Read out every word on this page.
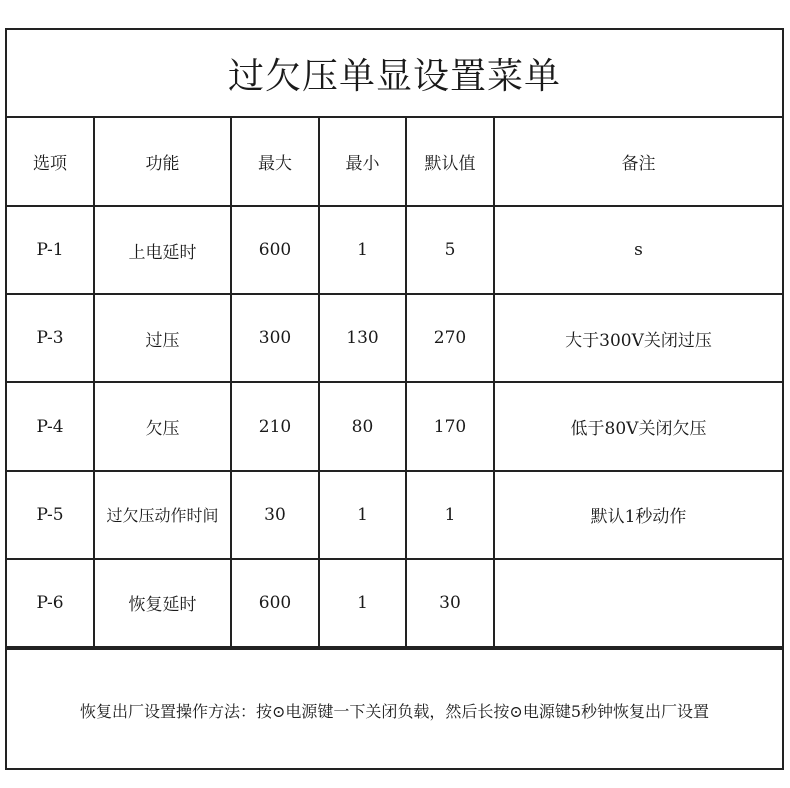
过欠压单显设置菜单
选项	功能	最大	最小	默认值	备注
P-1	上电延时	600	1	5	s
P-3	过压	300	130	270	大于300V关闭过压
P-4	欠压	210	80	170	低于80V关闭欠压
P-5	过欠压动作时间	30	1	1	默认1秒动作
P-6	恢复延时	600	1	30	
恢复出厂设置操作方法：按⊙电源键一下关闭负载，然后长按⊙电源键5秒钟恢复出厂设置
